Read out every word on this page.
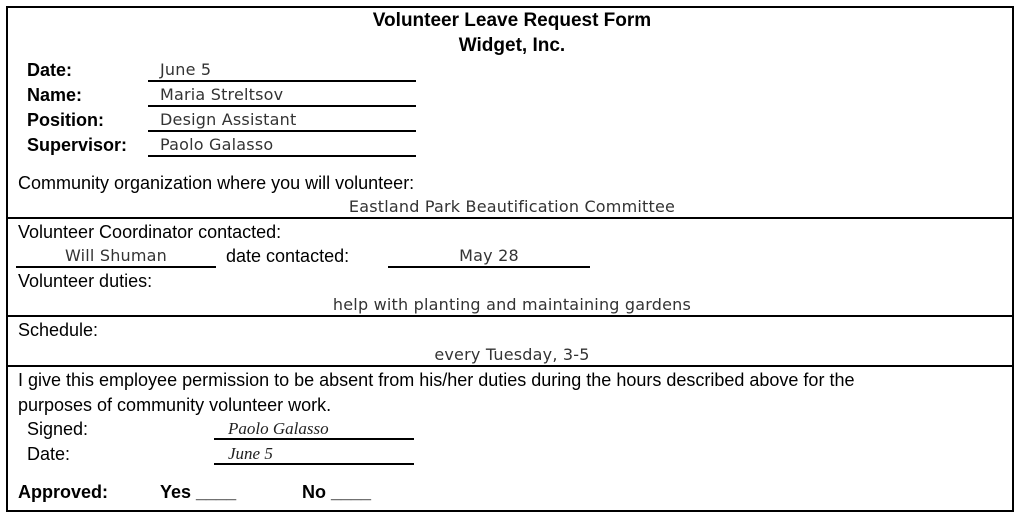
Volunteer Leave Request Form
Widget, Inc.
Date:	June 5
Name:	Maria Streltsov
Position:	Design Assistant
Supervisor: Paolo Galasso
Community organization where you will volunteer:
Eastland Park Beautification Committee
Volunteer Coordinator contacted:
Will Shuman	date contacted:	May 28
Volunteer duties:
help with planting and maintaining gardens
Schedule:
every Tuesday, 3-5
I give this employee permission to be absent from his/her duties during the hours described above for the
purposes of community volunteer work.
Signed:	Paolo Galasso
Date:	June 5
Approved:	Yes ____	No ____
